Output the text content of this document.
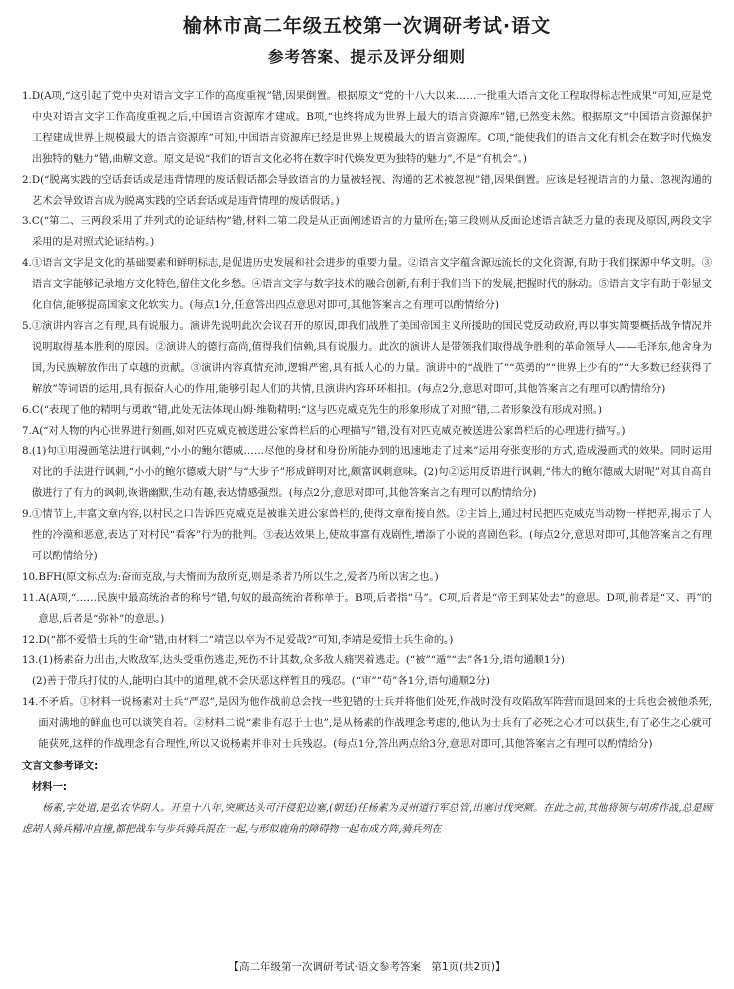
榆林市高二年级五校第一次调研考试·语文
参考答案、提示及评分细则
1. D(A项,“这引起了党中央对语言文字工作的高度重视”错,因果倒置。根据原文“党的十八大以来……一批重大语言文化工程取得标志性成果”可知,应是党中央对语言文字工作高度重视之后,中国语言资源库才建成。B项,“也终将成为世界上最大的语言资源库”错,已然变未然。根据原文“中国语言资源保护工程建成世界上规模最大的语言资源库”可知,中国语言资源库已经是世界上规模最大的语言资源库。C项,“能使我们的语言文化有机会在数字时代焕发出独特的魅力”错,曲解文意。原文是说“我们的语言文化必将在数字时代焕发更为独特的魅力”,不是“有机会”。)
2. D(“脱离实践的空话套话或是违背情理的废话假话都会导致语言的力量被轻视、沟通的艺术被忽视”错,因果倒置。应该是轻视语言的力量、忽视沟通的艺术会导致语言成为脱离实践的空话套话或是违背情理的废话假话。)
3. C(“第二、三两段采用了并列式的论证结构”错,材料二第二段是从正面阐述语言的力量所在;第三段则从反面论述语言缺乏力量的表现及原因,两段文字采用的是对照式论证结构。)
4. ①语言文字是文化的基础要素和鲜明标志,是促进历史发展和社会进步的重要力量。②语言文字蕴含源远流长的文化资源,有助于我们探源中华文明。③语言文字能够记录地方文化特色,留住文化乡愁。④语言文字与数字技术的融合创新,有利于我们当下的发展,把握时代的脉动。⑤语言文字有助于彰显文化自信,能够提高国家文化软实力。(每点1分,任意答出四点意思对即可,其他答案言之有理可以酌情给分)
5. ①演讲内容言之有理,具有说服力。演讲先说明此次会议召开的原因,即我们战胜了美国帝国主义所援助的国民党反动政府,再以事实简要概括战争情况并说明取得基本胜利的原因。②演讲人的德行高尚,值得我们信赖,具有说服力。此次的演讲人是带领我们取得战争胜利的革命领导人——毛泽东,他舍身为国,为民族解放作出了卓越的贡献。③演讲内容真情充沛,逻辑严密,具有抵人心的力量。演讲中的“战胜了”“英勇的”“世界上少有的”“大多数已经获得了解放”等词语的运用,具有振奋人心的作用,能够引起人们的共情,且演讲内容环环相扣。(每点2分,意思对即可,其他答案言之有理可以酌情给分)
6. C(“表现了他的精明与勇敢”错,此处无法体现山姆·维勒精明:“这与匹克威克先生的形象形成了对照”错,二者形象没有形成对照。)
7. A(“对人物的内心世界进行刻画,如对匹克威克被送进公家兽栏后的心理描写”错,没有对匹克威克被送进公家兽栏后的心理进行描写。)
8. (1)句①用漫画笔法进行讽刺,“小小的鲍尔德威……尽他的身材和身份所能办到的迅速地走了过来”运用夸张变形的方式,造成漫画式的效果。同时运用对比的手法进行讽刺,“小小的鲍尔德威大尉”与“大步子”形成鲜明对比,颇富讽刺意味。(2)句②运用反语进行讽刺,“伟大的鲍尔德威大尉呢”对其自高自傲进行了有力的讽刺,诙谐幽默,生动有趣,表达情感强烈。(每点2分,意思对即可,其他答案言之有理可以酌情给分)
9. ①情节上,丰富文章内容,以村民之口告诉匹克威克是被谁关进公家兽栏的,使得文章衔接自然。②主旨上,通过村民把匹克威克当动物一样把弄,揭示了人性的冷漠和恶意,表达了对村民“看客”行为的批判。③表达效果上,使故事富有戏剧性,增添了小说的喜剧色彩。(每点2分,意思对即可,其他答案言之有理可以酌情给分)
10. BFH(原文标点为:奋而克敌,与夫惰而为敌所克,则是杀者乃所以生之,爱者乃所以害之也。)
11. A(A项,“……民族中最高统治者的称号”错,句奴的最高统治者称单于。B项,后者指“马”。C项,后者是“帝王到某处去”的意思。D项,前者是“又、再”的意思,后者是“弥补”的意思。)
12. D(“都不爱惜士兵的生命”错,由材料二“靖岂以卒为不足爱哉?”可知,李靖是爱惜士兵生命的。)
13. (1)杨素奋力出击,大败敌军,达头受重伤逃走,死伤不计其数,众多敌人痛哭着逃走。(“被”“遁”“去”各1分,语句通顺1分)
(2)善于带兵打仗的人,能明白其中的道理,就不会厌恶这样暂且的残忍。(“审”“苟”各1分,语句通顺2分)
14. 不矛盾。①材料一说杨素对士兵“严忍”,是因为他作战前总会找一些犯错的士兵并将他们处死,作战时没有攻陷敌军阵营而退回来的士兵也会被他杀死,面对满地的鲜血也可以谈笑自若。②材料二说“素非有忍于士也”,是从杨素的作战理念考虑的,他认为士兵有了必死之心才可以获生,有了必生之心就可能获死,这样的作战理念有合理性,所以又说杨素并非对士兵残忍。(每点1分,答出两点给3分,意思对即可,其他答案言之有理可以酌情给分)
文言文参考译文:
材料一:
杨素,字处道,是弘农华阴人。开皇十八年,突厥达头可汗侵犯边塞,(朝廷)任杨素为灵州道行军总管,出塞讨伐突厥。在此之前,其他将领与胡虏作战,总是顾虑胡人骑兵精冲直撞,都把战车与步兵骑兵混在一起,与形似鹿角的障碍物一起布成方阵,骑兵列在
【高二年级第一次调研考试·语文参考答案　第1页(共2页)】
